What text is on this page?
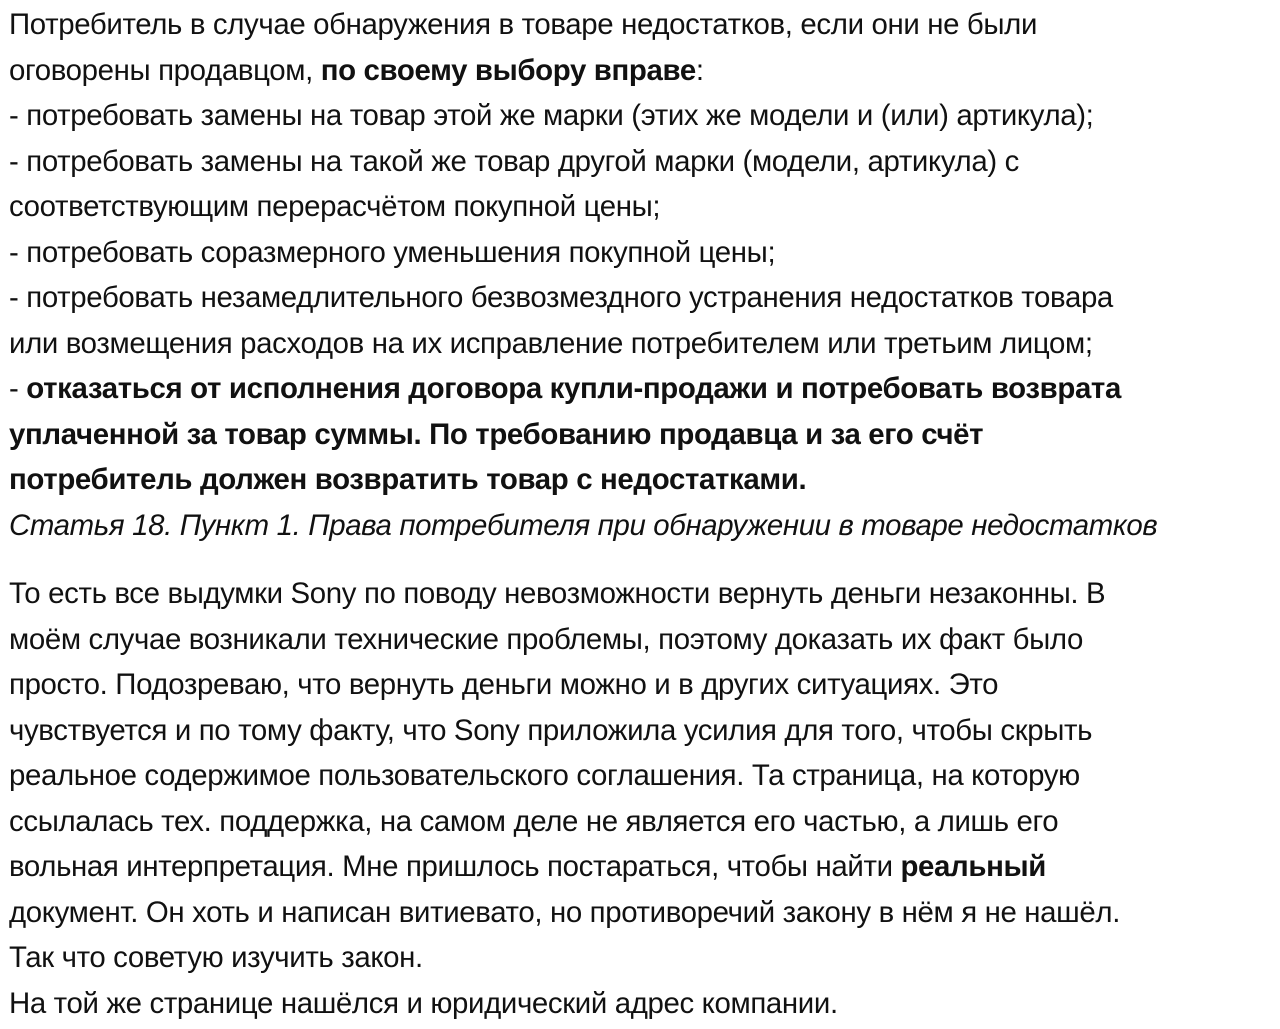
Потребитель в случае обнаружения в товаре недостатков, если они не были
оговорены продавцом, по своему выбору вправе:
- потребовать замены на товар этой же марки (этих же модели и (или) артикула);
- потребовать замены на такой же товар другой марки (модели, артикула) с
соответствующим перерасчётом покупной цены;
- потребовать соразмерного уменьшения покупной цены;
- потребовать незамедлительного безвозмездного устранения недостатков товара
или возмещения расходов на их исправление потребителем или третьим лицом;
- отказаться от исполнения договора купли-продажи и потребовать возврата
уплаченной за товар суммы. По требованию продавца и за его счёт
потребитель должен возвратить товар с недостатками.
Статья 18. Пункт 1. Права потребителя при обнаружении в товаре недостатков
То есть все выдумки Sony по поводу невозможности вернуть деньги незаконны. В
моём случае возникали технические проблемы, поэтому доказать их факт было
просто. Подозреваю, что вернуть деньги можно и в других ситуациях. Это
чувствуется и по тому факту, что Sony приложила усилия для того, чтобы скрыть
реальное содержимое пользовательского соглашения. Та страница, на которую
ссылалась тех. поддержка, на самом деле не является его частью, а лишь его
вольная интерпретация. Мне пришлось постараться, чтобы найти реальный
документ. Он хоть и написан витиевато, но противоречий закону в нём я не нашёл.
Так что советую изучить закон.
На той же странице нашёлся и юридический адрес компании.
